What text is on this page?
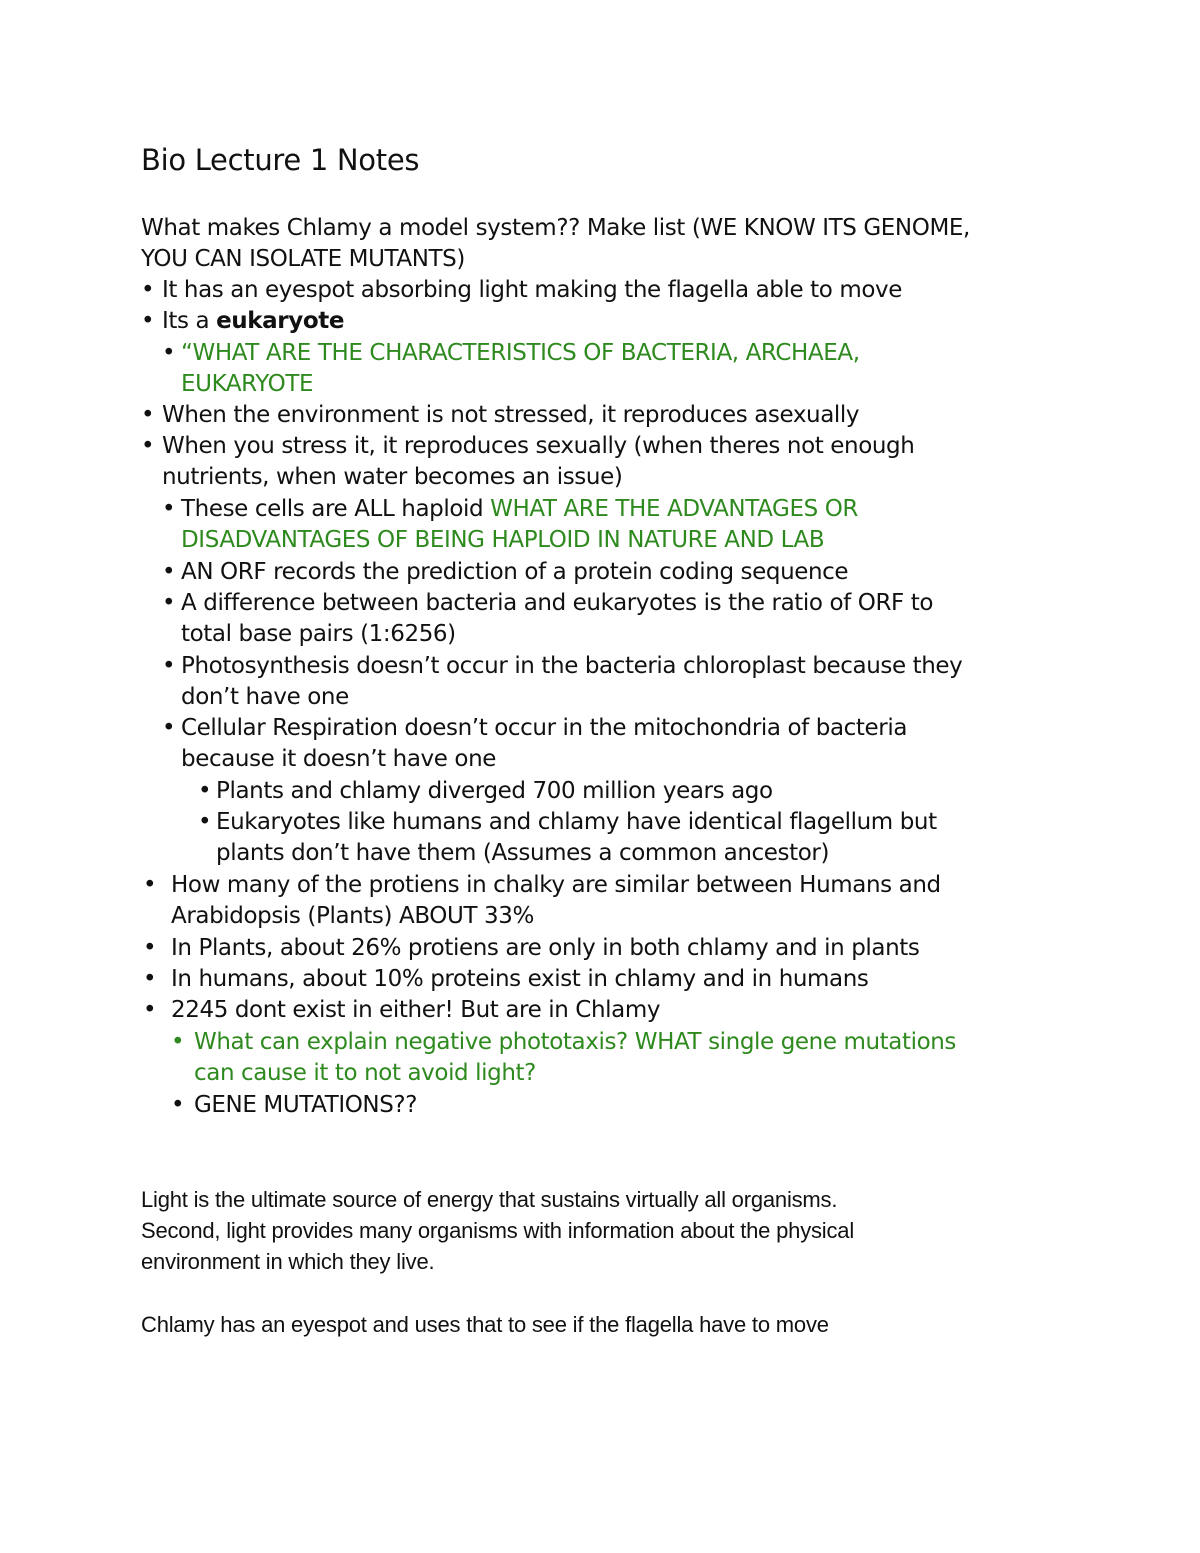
Bio Lecture 1 Notes
What makes Chlamy a model system?? Make list (WE KNOW ITS GENOME,
YOU CAN ISOLATE MUTANTS)
• It has an eyespot absorbing light making the flagella able to move
• Its a eukaryote
• “WHAT ARE THE CHARACTERISTICS OF BACTERIA, ARCHAEA,
EUKARYOTE
• When the environment is not stressed, it reproduces asexually
• When you stress it, it reproduces sexually (when theres not enough
nutrients, when water becomes an issue)
• These cells are ALL haploid WHAT ARE THE ADVANTAGES OR
DISADVANTAGES OF BEING HAPLOID IN NATURE AND LAB
• AN ORF records the prediction of a protein coding sequence
• A difference between bacteria and eukaryotes is the ratio of ORF to
total base pairs (1:6256)
• Photosynthesis doesn’t occur in the bacteria chloroplast because they
don’t have one
• Cellular Respiration doesn’t occur in the mitochondria of bacteria
because it doesn’t have one
• Plants and chlamy diverged 700 million years ago
• Eukaryotes like humans and chlamy have identical flagellum but
plants don’t have them (Assumes a common ancestor)
• How many of the protiens in chalky are similar between Humans and
Arabidopsis (Plants) ABOUT 33%
• In Plants, about 26% protiens are only in both chlamy and in plants
• In humans, about 10% proteins exist in chlamy and in humans
• 2245 dont exist in either! But are in Chlamy
• What can explain negative phototaxis? WHAT single gene mutations
can cause it to not avoid light?
• GENE MUTATIONS??
Light is the ultimate source of energy that sustains virtually all organisms.
Second, light provides many organisms with information about the physical
environment in which they live.
Chlamy has an eyespot and uses that to see if the flagella have to move
